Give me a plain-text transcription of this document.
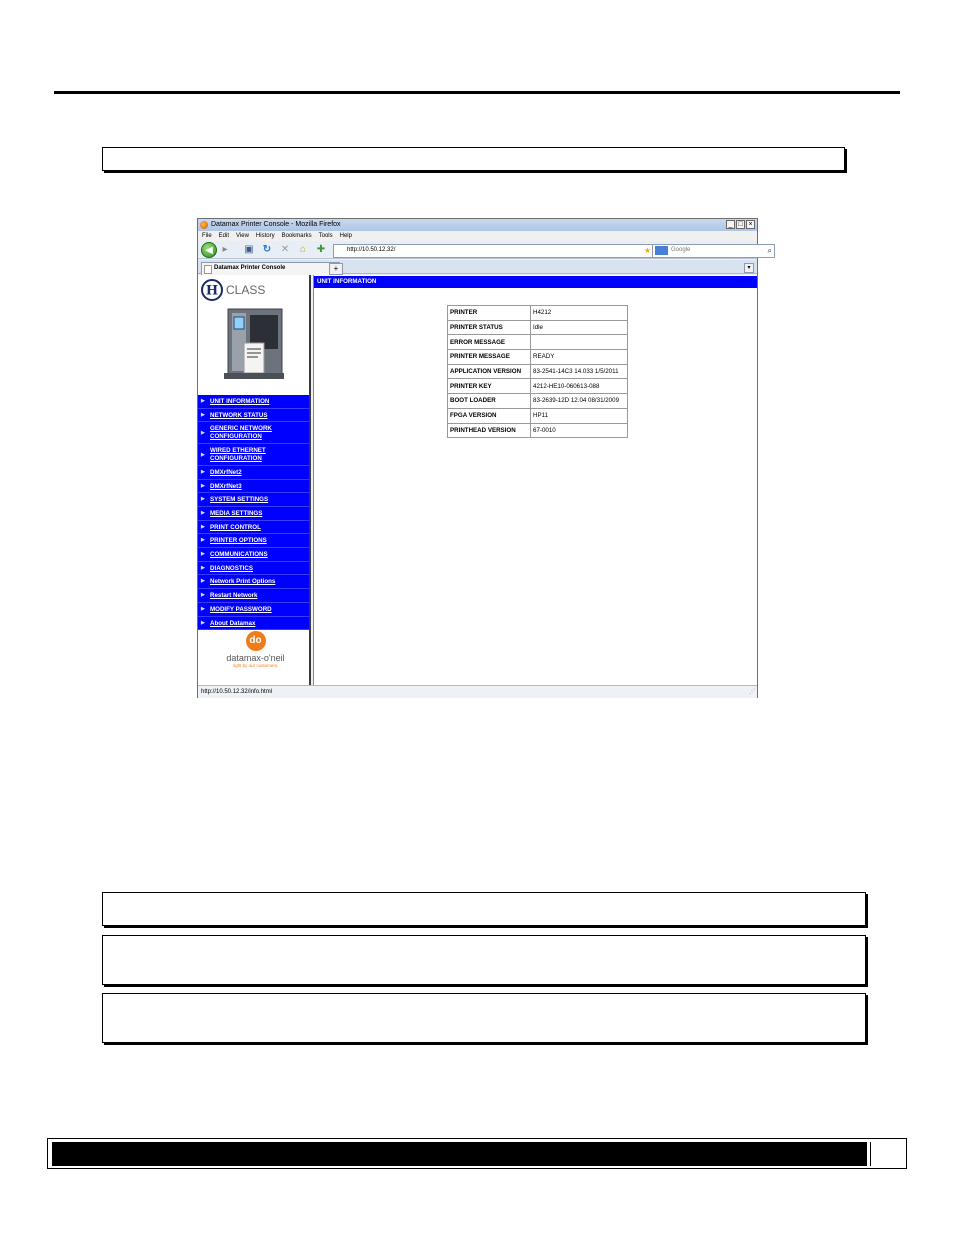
Datamax Printer Console - Mozilla Firefox	_ □ ×
File Edit View History Bookmarks Tools Help
◀ ▸	▣ ↻ ✕ ⌂ ✚	http://10.50.12.32/	★	Google	⌕
Datamax Printer Console	+	▾
H CLASS
▶ UNIT INFORMATION
▶ NETWORK STATUS
▶
GENERIC NETWORK CONFIGURATION
▶
WIRED ETHERNET CONFIGURATION
▶ DMXrfNet2
▶ DMXrfNet3
▶ SYSTEM SETTINGS
▶ MEDIA SETTINGS
▶ PRINT CONTROL
▶ PRINTER OPTIONS
▶ COMMUNICATIONS
▶ DIAGNOSTICS
▶ Network Print Options
▶ Restart Network
▶ MODIFY PASSWORD
▶ About Datamax
do
datamax-o'neil
right by our customers.
UNIT INFORMATION
PRINTER	H4212
PRINTER STATUS	Idle
ERROR MESSAGE	
PRINTER MESSAGE	READY
APPLICATION VERSION	83-2541-14C3 14.033 1/5/2011
PRINTER KEY	4212-HE10-060613-088
BOOT LOADER	83-2639-12D 12.04 08/31/2009
FPGA VERSION	HP11
PRINTHEAD VERSION	67-0010
http://10.50.12.32/info.html	⋰
